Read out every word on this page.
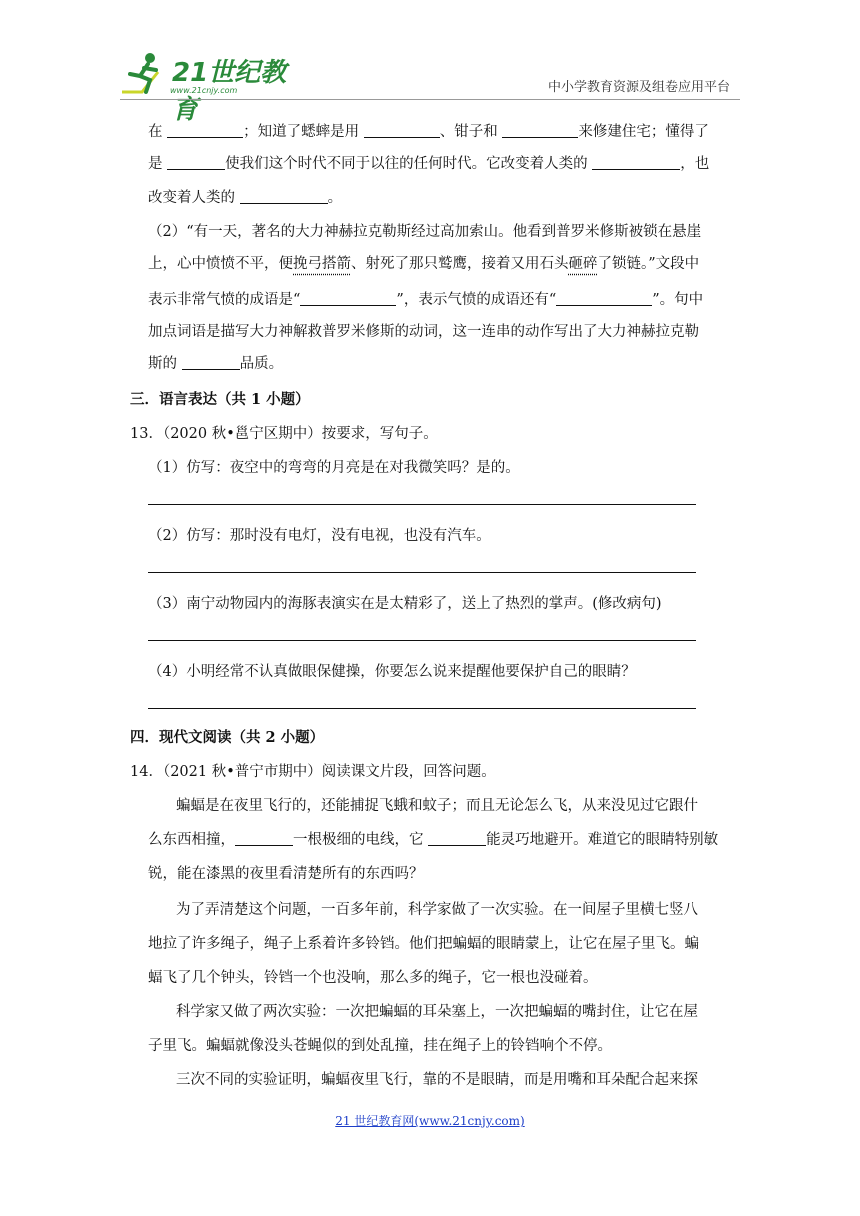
21世纪教育
www.21cnjy.com	中小学教育资源及组卷应用平台
在	；知道了蟋蟀是用	、钳子和	来修建住宅；懂得了
是	使我们这个时代不同于以往的任何时代。它改变着人类的	，也
改变着人类的	。
（2）“有一天，著名的大力神赫拉克勒斯经过高加索山。他看到普罗米修斯被锁在悬崖
上，心中愤愤不平，便挽弓搭箭、射死了那只鹫鹰，接着又用石头砸碎了锁链。”文段中
表示非常气愤的成语是“	”，表示气愤的成语还有“	”。句中
加点词语是描写大力神解救普罗米修斯的动词，这一连串的动作写出了大力神赫拉克勒
斯的	品质。
三．语言表达（共 1 小题）
13．（2020 秋•邕宁区期中）按要求，写句子。
（1）仿写：夜空中的弯弯的月亮是在对我微笑吗？是的。
（2）仿写：那时没有电灯，没有电视，也没有汽车。
（3）南宁动物园内的海豚表演实在是太精彩了，送上了热烈的掌声。(修改病句)
（4）小明经常不认真做眼保健操，你要怎么说来提醒他要保护自己的眼睛？
四．现代文阅读（共 2 小题）
14．（2021 秋•普宁市期中）阅读课文片段，回答问题。
蝙蝠是在夜里飞行的，还能捕捉飞蛾和蚊子；而且无论怎么飞，从来没见过它跟什
么东西相撞，	一根极细的电线，它	能灵巧地避开。难道它的眼睛特别敏
锐，能在漆黑的夜里看清楚所有的东西吗？
为了弄清楚这个问题，一百多年前，科学家做了一次实验。在一间屋子里横七竖八
地拉了许多绳子，绳子上系着许多铃铛。他们把蝙蝠的眼睛蒙上，让它在屋子里飞。蝙
蝠飞了几个钟头，铃铛一个也没响，那么多的绳子，它一根也没碰着。
科学家又做了两次实验：一次把蝙蝠的耳朵塞上，一次把蝙蝠的嘴封住，让它在屋
子里飞。蝙蝠就像没头苍蝇似的到处乱撞，挂在绳子上的铃铛响个不停。
三次不同的实验证明，蝙蝠夜里飞行，靠的不是眼睛，而是用嘴和耳朵配合起来探
21 世纪教育网(www.21cnjy.com)
